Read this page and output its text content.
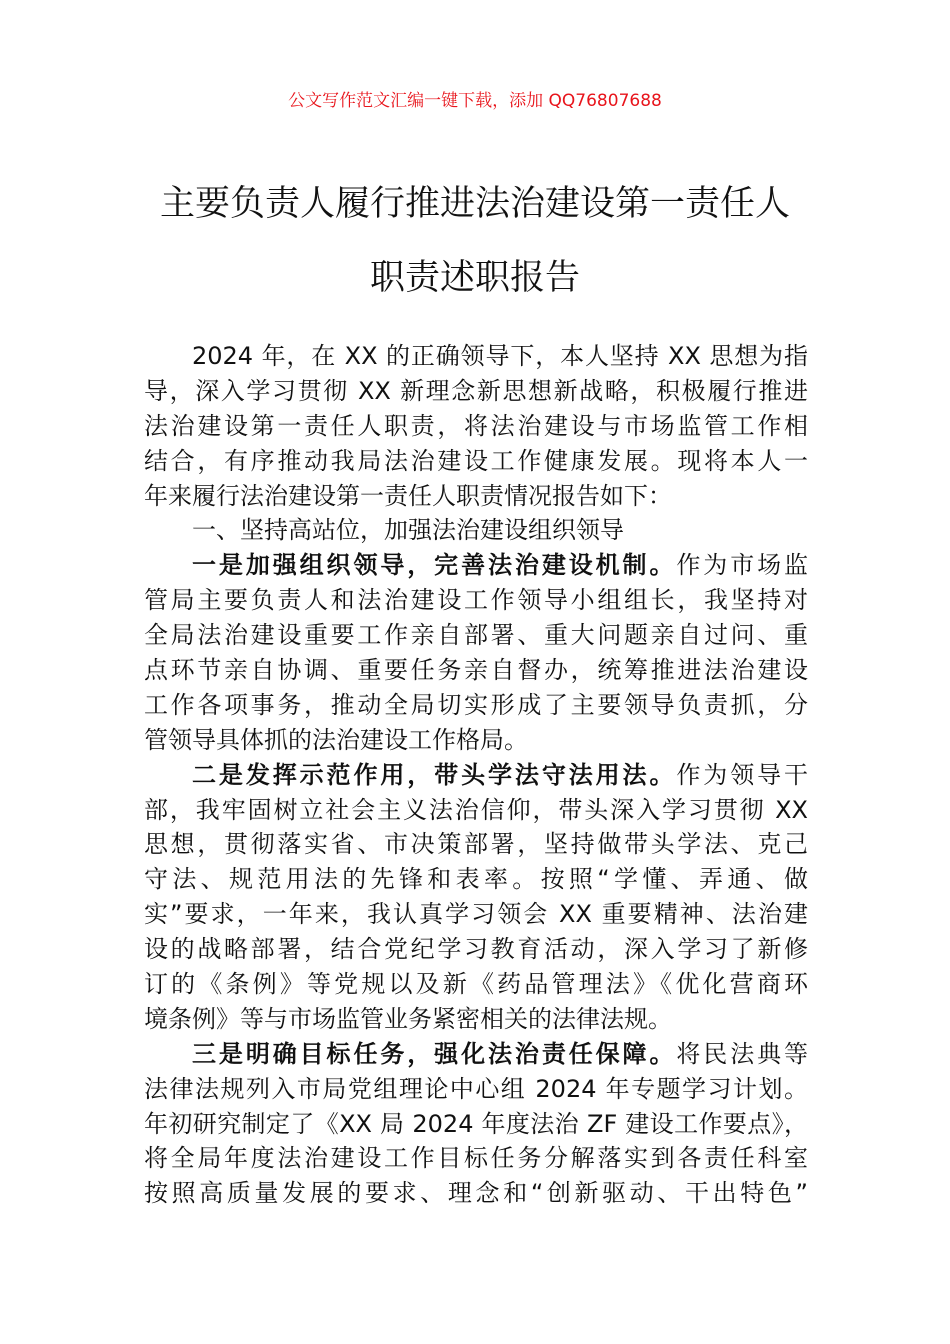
公文写作范文汇编一键下载，添加 QQ76807688
主要负责人履行推进法治建设第一责任人
职责述职报告
2024 年，在 XX 的正确领导下，本人坚持 XX 思想为指
导，深入学习贯彻 XX 新理念新思想新战略，积极履行推进
法治建设第一责任人职责，将法治建设与市场监管工作相
结合，有序推动我局法治建设工作健康发展。现将本人一
年来履行法治建设第一责任人职责情况报告如下：
一、坚持高站位，加强法治建设组织领导
一是加强组织领导，完善法治建设机制。作为市场监
管局主要负责人和法治建设工作领导小组组长，我坚持对
全局法治建设重要工作亲自部署、重大问题亲自过问、重
点环节亲自协调、重要任务亲自督办，统筹推进法治建设
工作各项事务，推动全局切实形成了主要领导负责抓，分
管领导具体抓的法治建设工作格局。
二是发挥示范作用，带头学法守法用法。作为领导干
部，我牢固树立社会主义法治信仰，带头深入学习贯彻 XX
思想，贯彻落实省、市决策部署，坚持做带头学法、克己
守法、规范用法的先锋和表率。按照“学懂、弄通、做
实”要求，一年来，我认真学习领会 XX 重要精神、法治建
设的战略部署，结合党纪学习教育活动，深入学习了新修
订的《条例》等党规以及新《药品管理法》《优化营商环
境条例》等与市场监管业务紧密相关的法律法规。
三是明确目标任务，强化法治责任保障。将民法典等
法律法规列入市局党组理论中心组 2024 年专题学习计划。
年初研究制定了《XX 局 2024 年度法治 ZF 建设工作要点》，
将全局年度法治建设工作目标任务分解落实到各责任科室
按照高质量发展的要求、理念和“创新驱动、干出特色”
